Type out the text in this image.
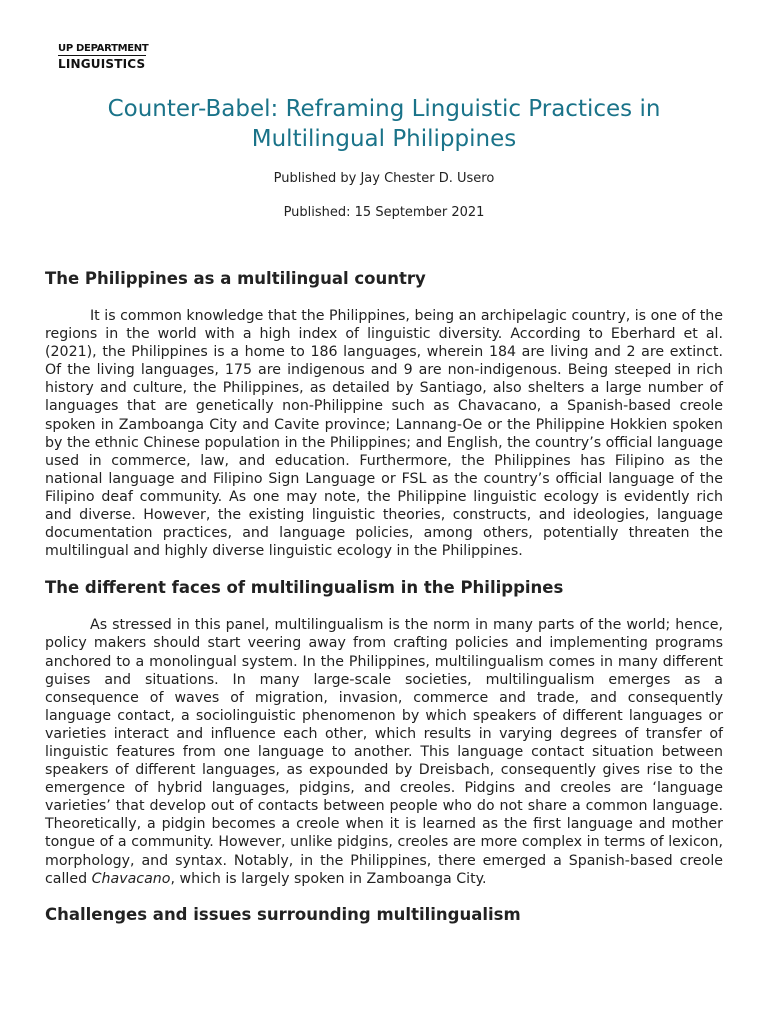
UP DEPARTMENT
LINGUISTICS
Counter-Babel: Reframing Linguistic Practices in Multilingual Philippines
Published by Jay Chester D. Usero
Published: 15 September 2021
The Philippines as a multilingual country

It is common knowledge that the Philippines, being an archipelagic country, is one of the regions in the world with a high index of linguistic diversity. According to Eberhard et al. (2021), the Philippines is a home to 186 languages, wherein 184 are living and 2 are extinct. Of the living languages, 175 are indigenous and 9 are non-indigenous. Being steeped in rich history and culture, the Philippines, as detailed by Santiago, also shelters a large number of languages that are genetically non-Philippine such as Chavacano, a Spanish-based creole spoken in Zamboanga City and Cavite province; Lannang-Oe or the Philippine Hokkien spoken by the ethnic Chinese population in the Philippines; and English, the country’s official language used in commerce, law, and education. Furthermore, the Philippines has Filipino as the national language and Filipino Sign Language or FSL as the country’s official language of the Filipino deaf community. As one may note, the Philippine linguistic ecology is evidently rich and diverse. However, the existing linguistic theories, constructs, and ideologies, language documentation practices, and language policies, among others, potentially threaten the multilingual and highly diverse linguistic ecology in the Philippines.

The different faces of multilingualism in the Philippines

As stressed in this panel, multilingualism is the norm in many parts of the world; hence, policy makers should start veering away from crafting policies and implementing programs anchored to a monolingual system. In the Philippines, multilingualism comes in many different guises and situations. In many large-scale societies, multilingualism emerges as a consequence of waves of migration, invasion, commerce and trade, and consequently language contact, a sociolinguistic phenomenon by which speakers of different languages or varieties interact and influence each other, which results in varying degrees of transfer of linguistic features from one language to another. This language contact situation between speakers of different languages, as expounded by Dreisbach, consequently gives rise to the emergence of hybrid languages, pidgins, and creoles. Pidgins and creoles are ‘language varieties’ that develop out of contacts between people who do not share a common language. Theoretically, a pidgin becomes a creole when it is learned as the first language and mother tongue of a community. However, unlike pidgins, creoles are more complex in terms of lexicon, morphology, and syntax. Notably, in the Philippines, there emerged a Spanish-based creole called Chavacano, which is largely spoken in Zamboanga City.

Challenges and issues surrounding multilingualism
